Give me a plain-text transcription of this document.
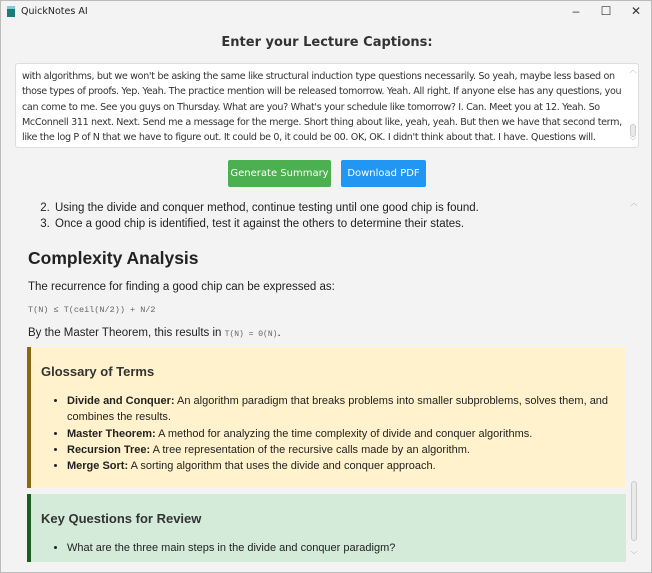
QuickNotes AI	–	☐	✕
Enter your Lecture Captions:
with algorithms, but we won't be asking the same like structural induction type questions necessarily. So yeah, maybe less based on those types of proofs. Yep. Yeah. The practice mention will be released tomorrow. Yeah. All right. If anyone else has any questions, you can come to me. See you guys on Thursday. What are you? What's your schedule like tomorrow? I. Can. Meet you at 12. Yeah. So McConnell 311 next. Next. Send me a message for the merge. Short thing about like, yeah, yeah. But then we have that second term, like the log P of N that we have to figure out. It could be 0, it could be 00. OK, OK. I didn't think about that. I have. Questions will.
︿
﹀
Generate Summary	Download PDF
2. Using the divide and conquer method, continue testing until one good chip is found.
3. Once a good chip is identified, test it against the others to determine their states.
Complexity Analysis

The recurrence for finding a good chip can be expressed as:

T(N) ≤ T(ceil(N/2)) + N/2

By the Master Theorem, this results in T(N) = Θ(N).

Glossary of Terms
• Divide and Conquer: An algorithm paradigm that breaks problems into smaller subproblems, solves them, and combines the results.
• Master Theorem: A method for analyzing the time complexity of divide and conquer algorithms.
• Recursion Tree: A tree representation of the recursive calls made by an algorithm.
• Merge Sort: A sorting algorithm that uses the divide and conquer approach.
Key Questions for Review
• What are the three main steps in the divide and conquer paradigm?
︿
﹀
